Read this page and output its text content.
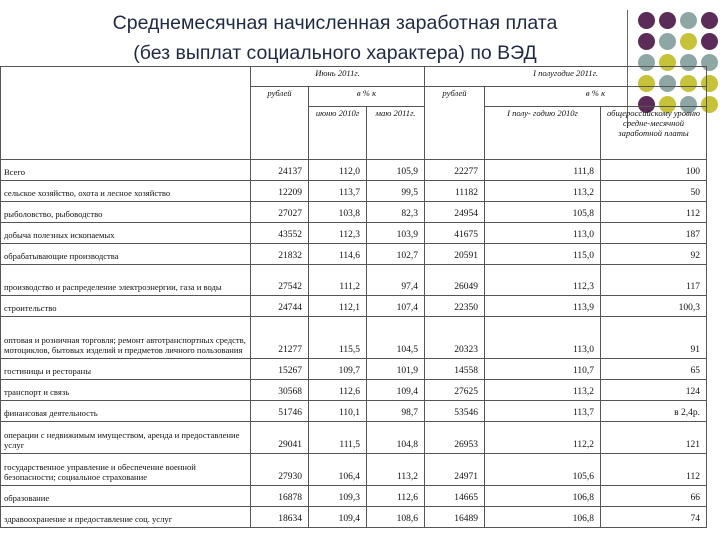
Среднемесячная начисленная заработная плата
(без выплат социального характера) по ВЭД
	Июнь 2011г.			I полугодие 2011г.		
	рублей	в % к		рублей	в % к	
		июню 2010г	маю 2011г.		I полу- годию 2010г	общероссийскому уровню средне-месячной заработной платы
Всего	24137	112,0	105,9	22277	111,8	100
сельское хозяйство, охота и лесное хозяйство	12209	113,7	99,5	11182	113,2	50
рыболовство, рыбоводство	27027	103,8	82,3	24954	105,8	112
добыча полезных ископаемых	43552	112,3	103,9	41675	113,0	187
обрабатывающие производства	21832	114,6	102,7	20591	115,0	92
производство и распределение электроэнергии, газа и воды	27542	111,2	97,4	26049	112,3	117
строительство	24744	112,1	107,4	22350	113,9	100,3
оптовая и розничная торговля; ремонт автотранспортных средств, мотоциклов, бытовых изделий и предметов личного пользования	21277	115,5	104,5	20323	113,0	91
гостиницы и рестораны	15267	109,7	101,9	14558	110,7	65
транспорт и связь	30568	112,6	109,4	27625	113,2	124
финансовая деятельность	51746	110,1	98,7	53546	113,7	в 2,4р.
операции с недвижимым имуществом, аренда и предоставление услуг	29041	111,5	104,8	26953	112,2	121
государственное управление и обеспечение военной безопасности; социальное страхование	27930	106,4	113,2	24971	105,6	112
образование	16878	109,3	112,6	14665	106,8	66
здравоохранение и предоставление соц. услуг	18634	109,4	108,6	16489	106,8	74
